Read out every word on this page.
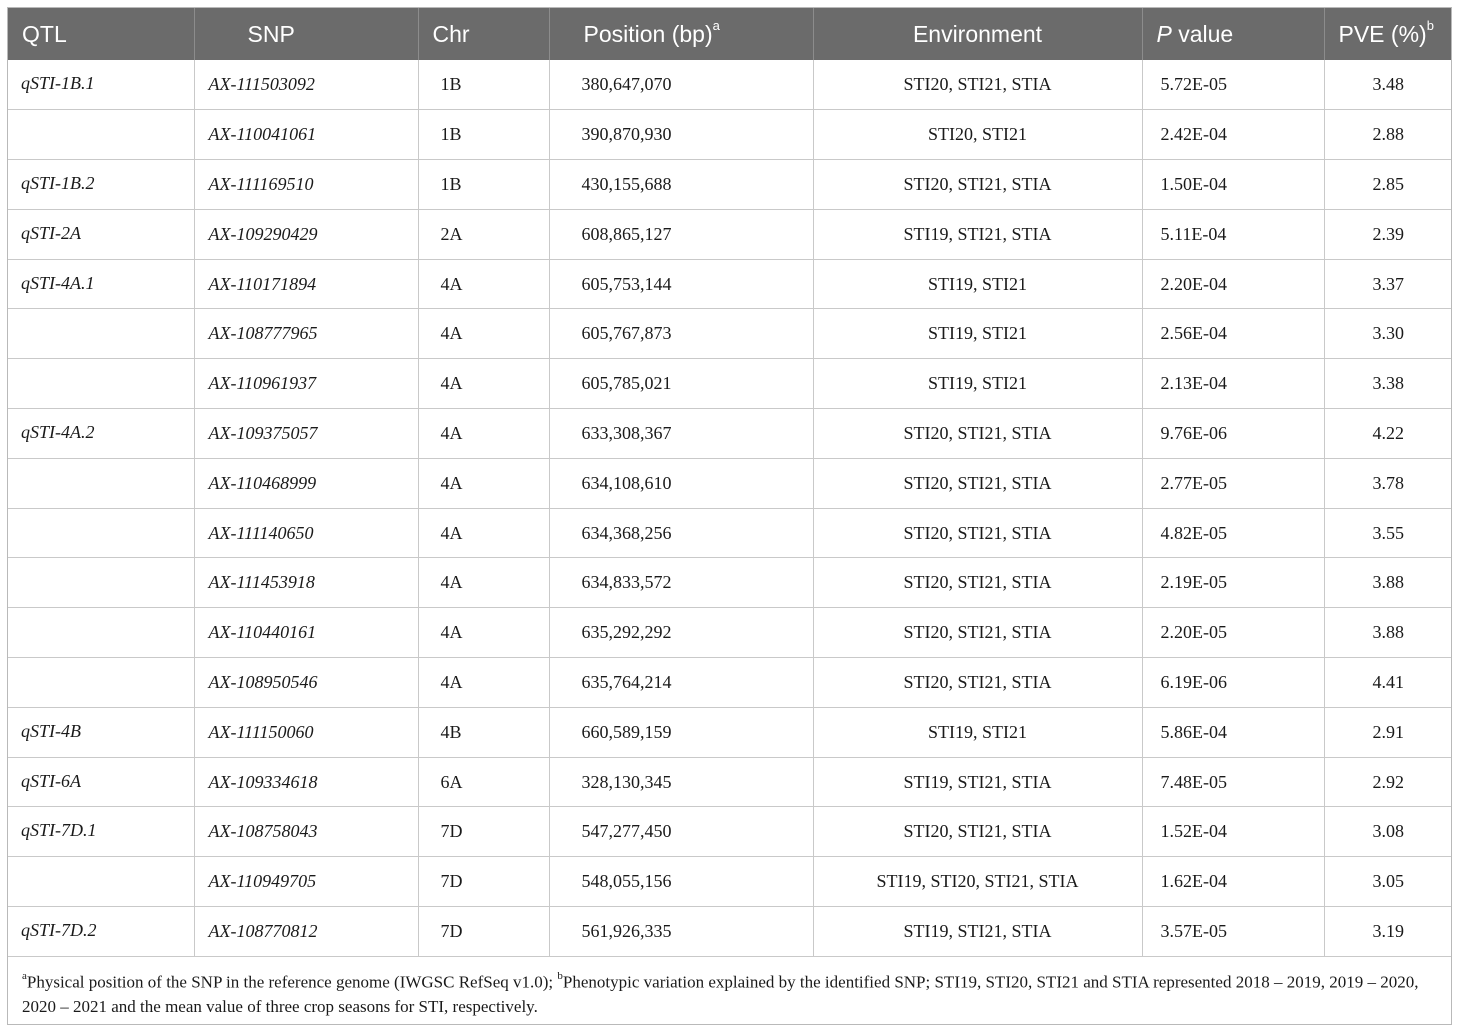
QTL	SNP	Chr	Position (bp)$^a$	Environment	P value	PVE (%)$^b$
qSTI-1B.1	AX-111503092	1B	380,647,070	STI20, STI21, STIA	5.72E-05	3.48
	AX-110041061	1B	390,870,930	STI20, STI21	2.42E-04	2.88
qSTI-1B.2	AX-111169510	1B	430,155,688	STI20, STI21, STIA	1.50E-04	2.85
qSTI-2A	AX-109290429	2A	608,865,127	STI19, STI21, STIA	5.11E-04	2.39
qSTI-4A.1	AX-110171894	4A	605,753,144	STI19, STI21	2.20E-04	3.37
	AX-108777965	4A	605,767,873	STI19, STI21	2.56E-04	3.30
	AX-110961937	4A	605,785,021	STI19, STI21	2.13E-04	3.38
qSTI-4A.2	AX-109375057	4A	633,308,367	STI20, STI21, STIA	9.76E-06	4.22
	AX-110468999	4A	634,108,610	STI20, STI21, STIA	2.77E-05	3.78
	AX-111140650	4A	634,368,256	STI20, STI21, STIA	4.82E-05	3.55
	AX-111453918	4A	634,833,572	STI20, STI21, STIA	2.19E-05	3.88
	AX-110440161	4A	635,292,292	STI20, STI21, STIA	2.20E-05	3.88
	AX-108950546	4A	635,764,214	STI20, STI21, STIA	6.19E-06	4.41
qSTI-4B	AX-111150060	4B	660,589,159	STI19, STI21	5.86E-04	2.91
qSTI-6A	AX-109334618	6A	328,130,345	STI19, STI21, STIA	7.48E-05	2.92
qSTI-7D.1	AX-108758043	7D	547,277,450	STI20, STI21, STIA	1.52E-04	3.08
	AX-110949705	7D	548,055,156	STI19, STI20, STI21, STIA	1.62E-04	3.05
qSTI-7D.2	AX-108770812	7D	561,926,335	STI19, STI21, STIA	3.57E-05	3.19
$^a$Physical position of the SNP in the reference genome (IWGSC RefSeq v1.0); $^b$Phenotypic variation explained by the identified SNP; STI19, STI20, STI21 and STIA represented 2018 – 2019, 2019 – 2020, 2020 – 2021 and the mean value of three crop seasons for STI, respectively.
